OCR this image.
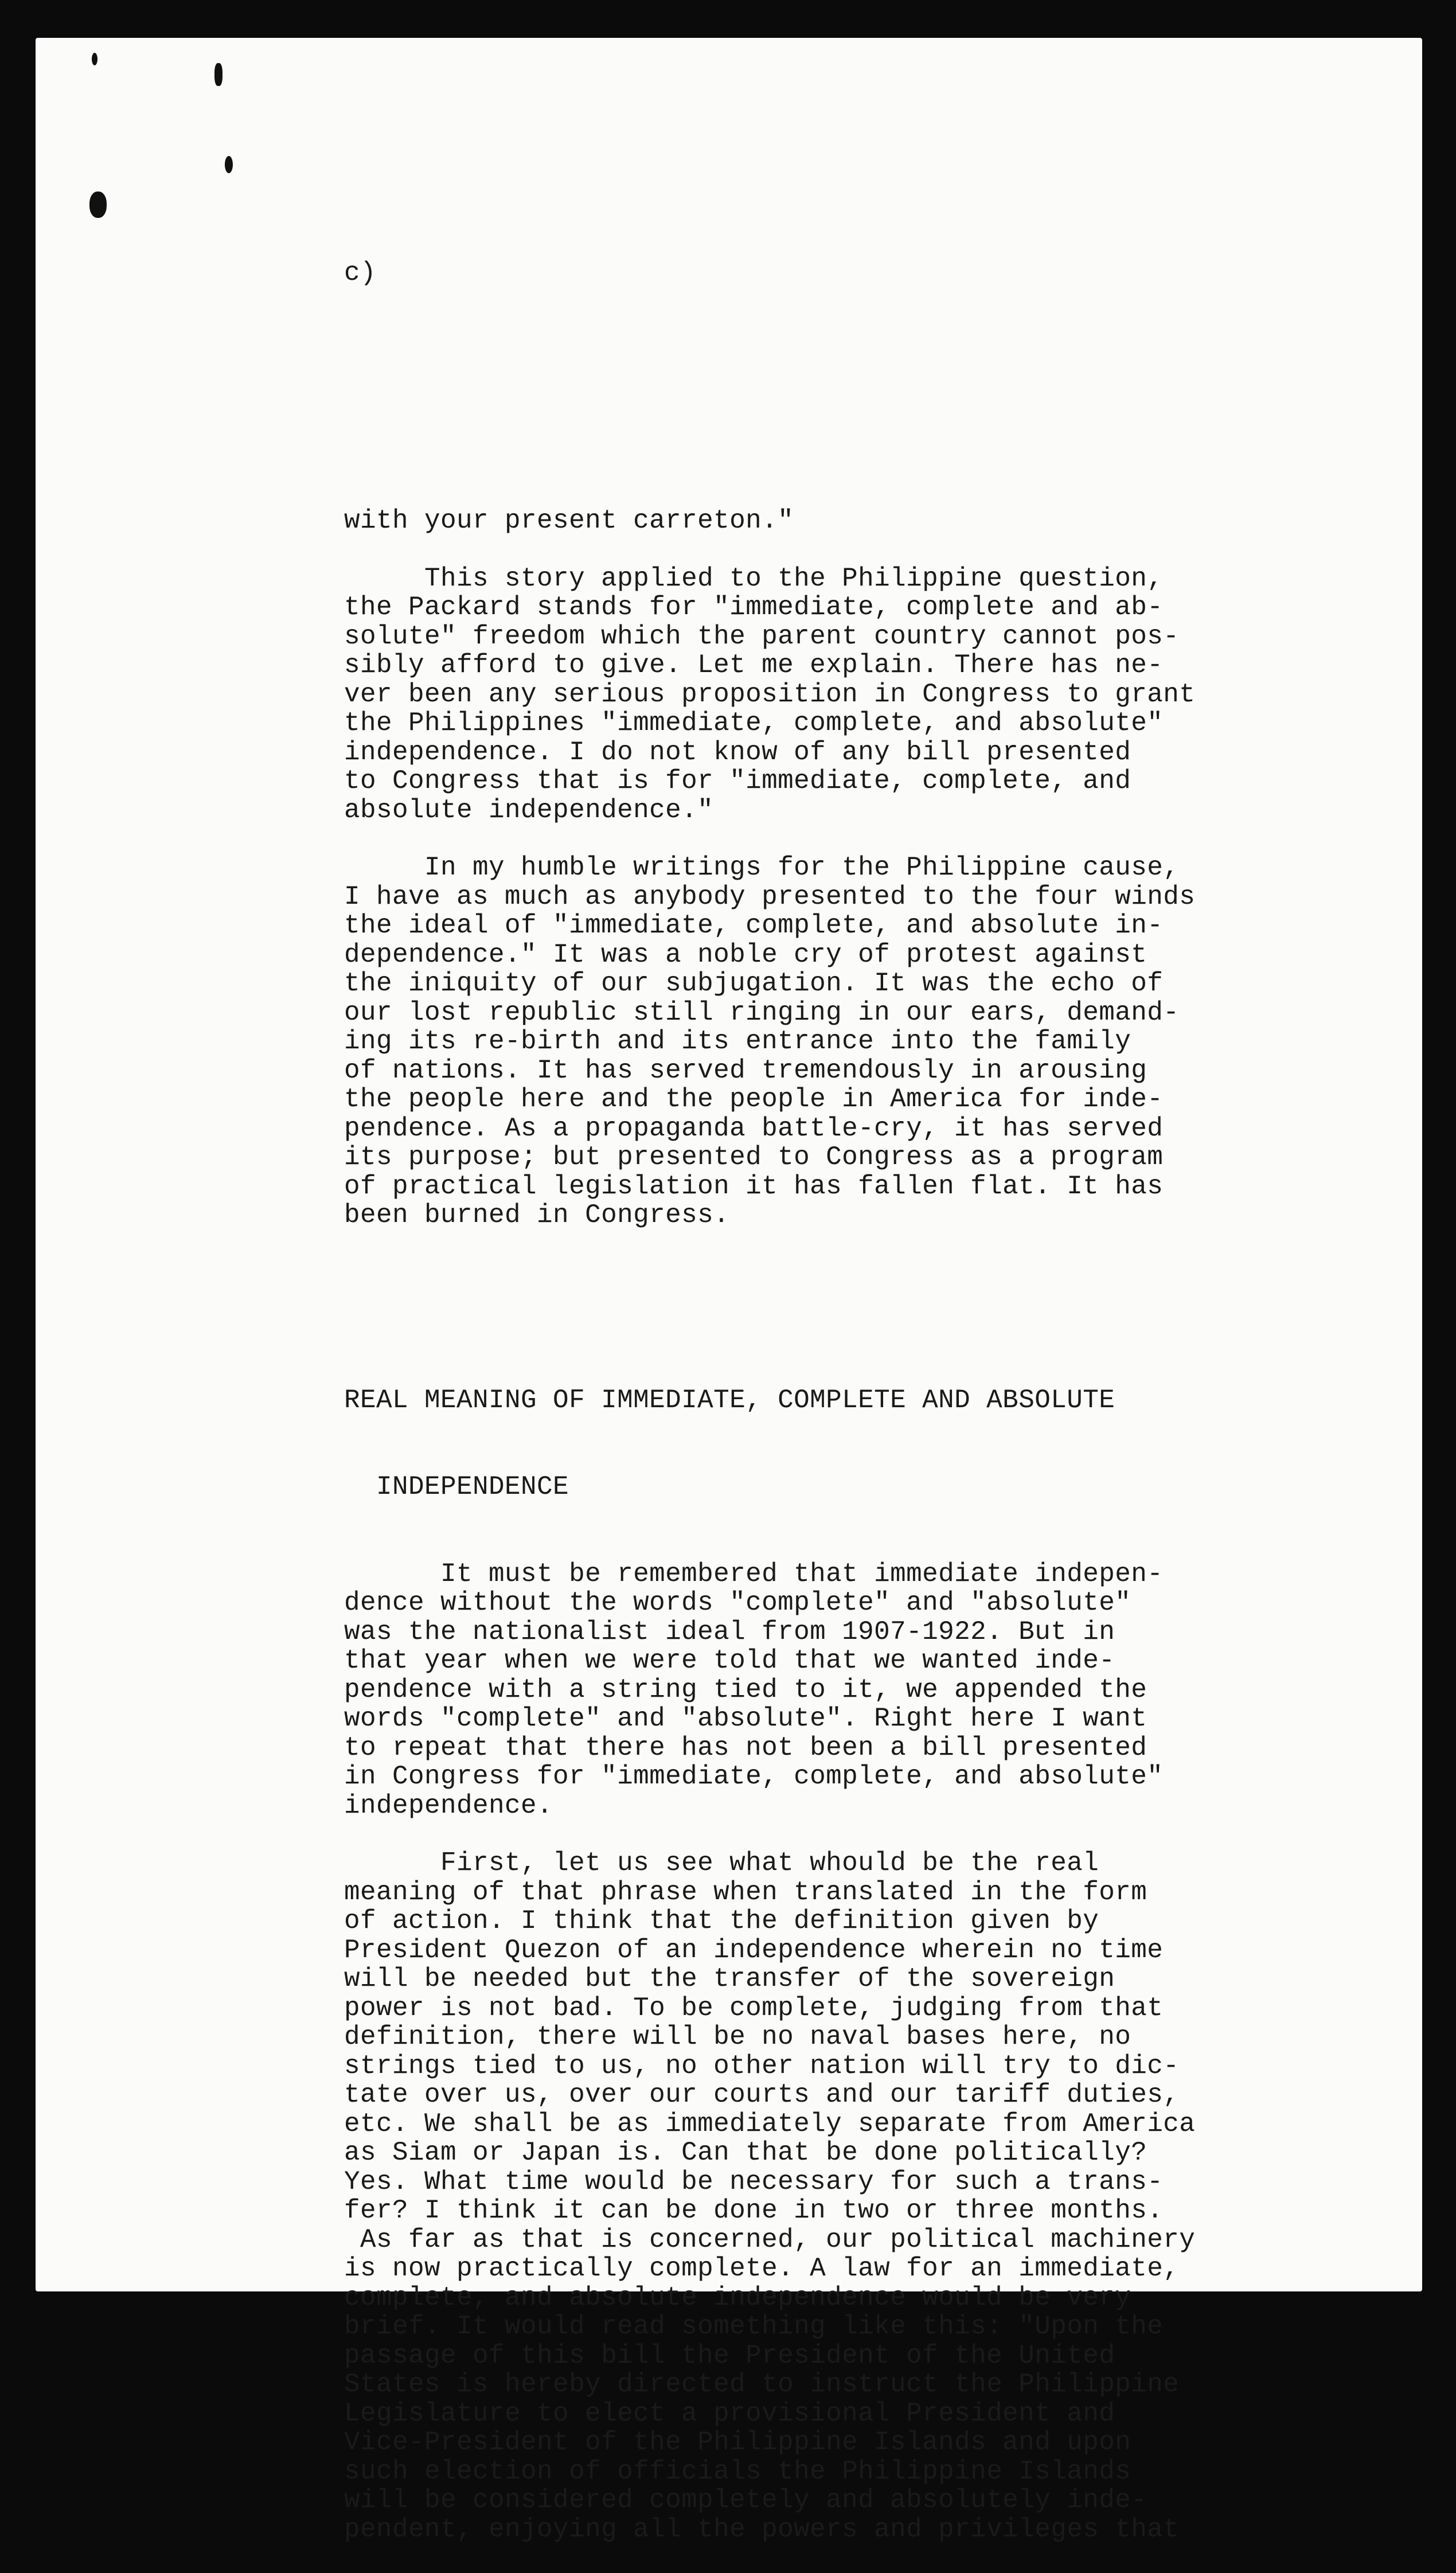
c)

with your present carreton."
This story applied to the Philippine question,
the Packard stands for "immediate, complete and ab-
solute" freedom which the parent country cannot pos-
sibly afford to give. Let me explain. There has ne-
ver been any serious proposition in Congress to grant
the Philippines "immediate, complete, and absolute"
independence. I do not know of any bill presented
to Congress that is for "immediate, complete, and
absolute independence."
In my humble writings for the Philippine cause,
I have as much as anybody presented to the four winds
the ideal of "immediate, complete, and absolute in-
dependence." It was a noble cry of protest against
the iniquity of our subjugation. It was the echo of
our lost republic still ringing in our ears, demand-
ing its re-birth and its entrance into the family
of nations. It has served tremendously in arousing
the people here and the people in America for inde-
pendence. As a propaganda battle-cry, it has served
its purpose; but presented to Congress as a program
of practical legislation it has fallen flat. It has
been burned in Congress.

REAL MEANING OF IMMEDIATE, COMPLETE AND ABSOLUTE

INDEPENDENCE

It must be remembered that immediate indepen-
dence without the words "complete" and "absolute"
was the nationalist ideal from 1907-1922. But in
that year when we were told that we wanted inde-
pendence with a string tied to it, we appended the
words "complete" and "absolute". Right here I want
to repeat that there has not been a bill presented
in Congress for "immediate, complete, and absolute"
independence.
First, let us see what whould be the real
meaning of that phrase when translated in the form
of action. I think that the definition given by
President Quezon of an independence wherein no time
will be needed but the transfer of the sovereign
power is not bad. To be complete, judging from that
definition, there will be no naval bases here, no
strings tied to us, no other nation will try to dic-
tate over us, over our courts and our tariff duties,
etc. We shall be as immediately separate from America
as Siam or Japan is. Can that be done politically?
Yes. What time would be necessary for such a trans-
fer? I think it can be done in two or three months.
As far as that is concerned, our political machinery
is now practically complete. A law for an immediate,
complete, and absolute independence would be very
brief. It would read something like this: "Upon the
passage of this bill the President of the United
States is hereby directed to instruct the Philippine
Legislature to elect a provisional President and
Vice-President of the Philippine Islands and upon
such election of officials the Philippine Islands
will be considered completely and absolutely inde-
pendent, enjoying all the powers and privileges that
